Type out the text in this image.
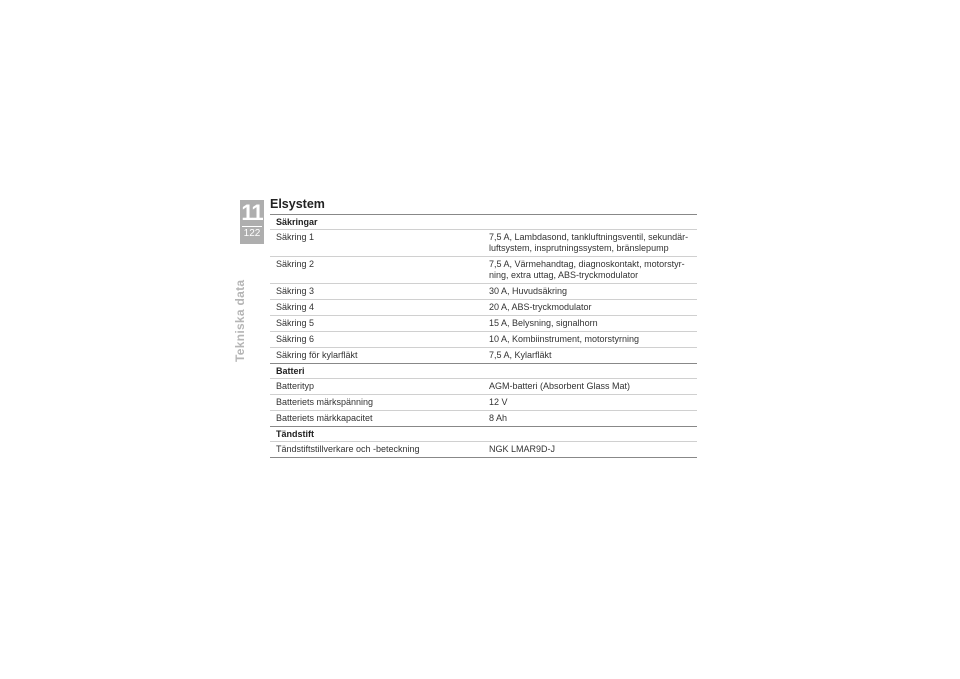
11
122
Tekniska data
Elsystem
Säkringar
Säkring 1	7,5 A, Lambdasond, tankluftningsventil, sekundär-
luftsystem, insprutningssystem, bränslepump
Säkring 2	7,5 A, Värmehandtag, diagnoskontakt, motorstyr-
ning, extra uttag, ABS-tryckmodulator
Säkring 3	30 A, Huvudsäkring
Säkring 4	20 A, ABS-tryckmodulator
Säkring 5	15 A, Belysning, signalhorn
Säkring 6	10 A, Kombiinstrument, motorstyrning
Säkring för kylarfläkt	7,5 A, Kylarfläkt
Batteri
Batterityp	AGM-batteri (Absorbent Glass Mat)
Batteriets märkspänning	12 V
Batteriets märkkapacitet	8 Ah
Tändstift
Tändstiftstillverkare och -beteckning	NGK LMAR9D-J
